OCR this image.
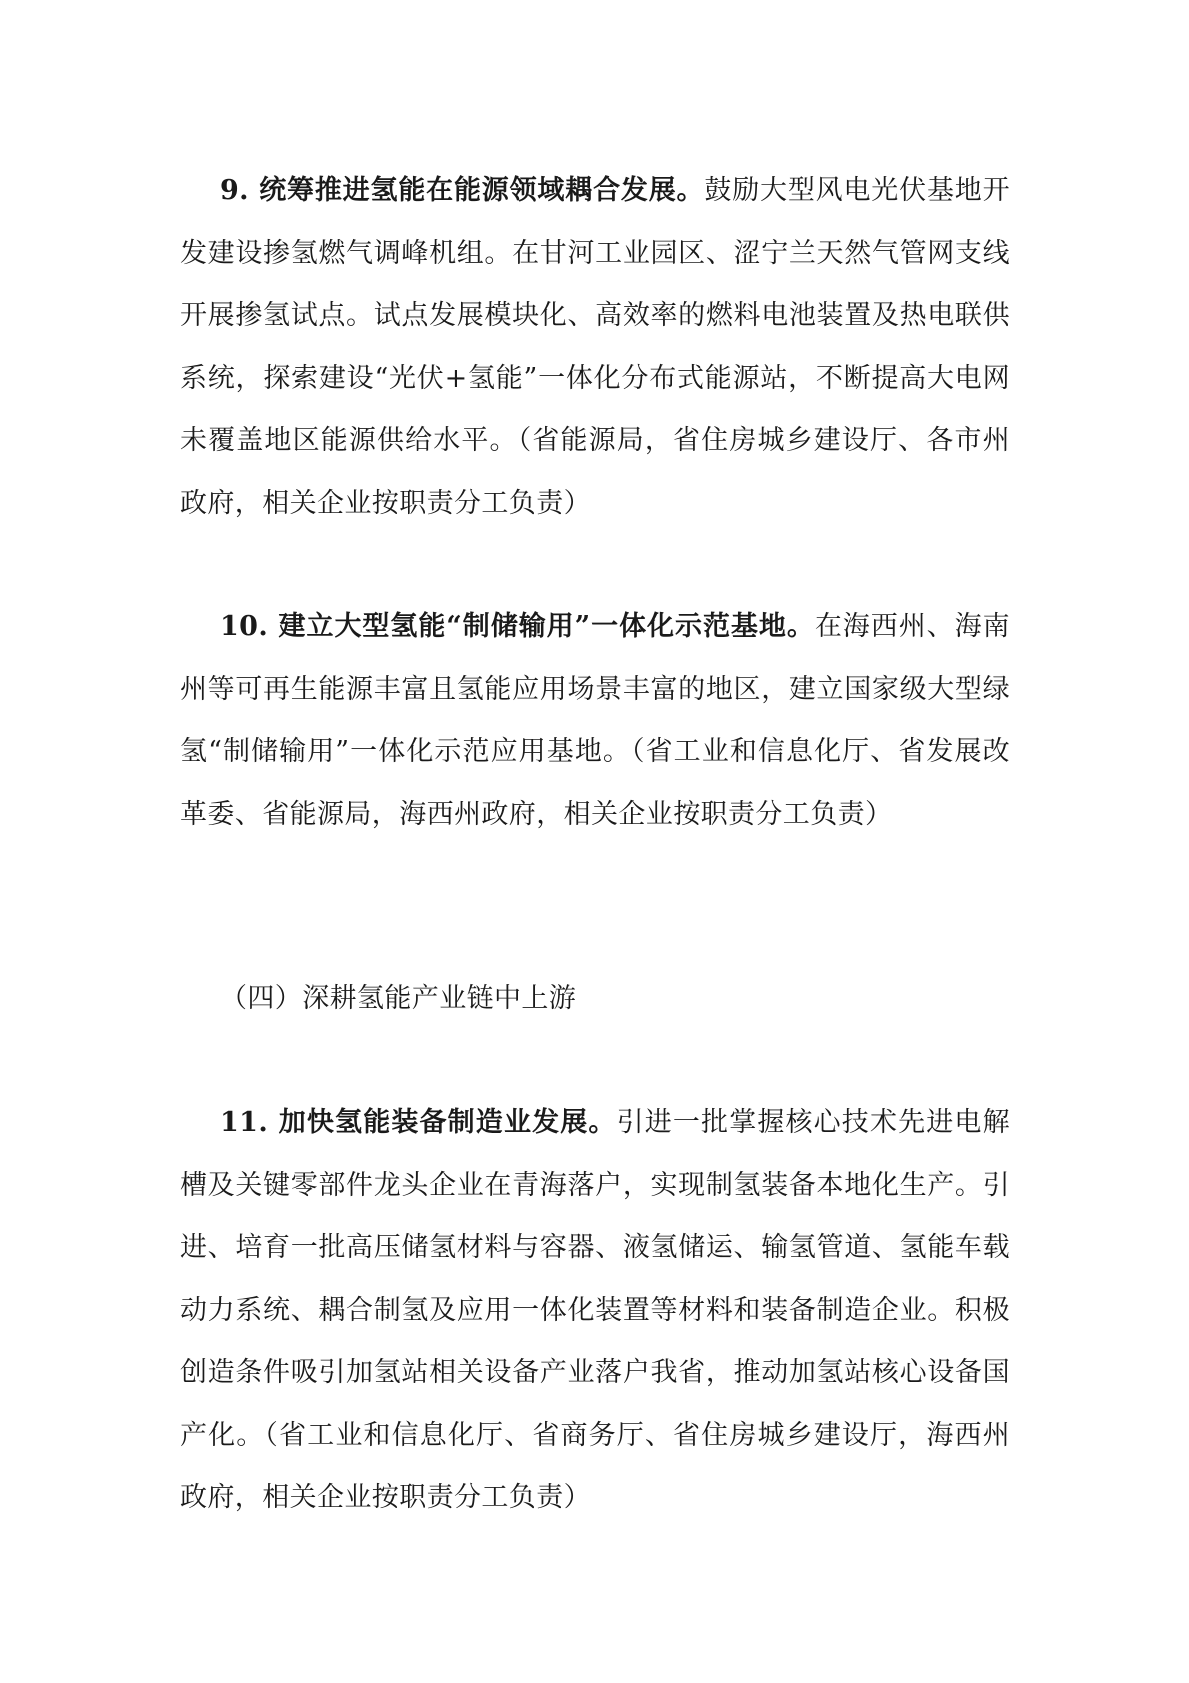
9. 统筹推进氢能在能源领域耦合发展。鼓励大型风电光伏基地开发建设掺氢燃气调峰机组。在甘河工业园区、涩宁兰天然气管网支线开展掺氢试点。试点发展模块化、高效率的燃料电池装置及热电联供系统，探索建设“光伏+氢能”一体化分布式能源站，不断提高大电网未覆盖地区能源供给水平。（省能源局，省住房城乡建设厅、各市州政府，相关企业按职责分工负责）
10. 建立大型氢能“制储输用”一体化示范基地。在海西州、海南州等可再生能源丰富且氢能应用场景丰富的地区，建立国家级大型绿氢“制储输用”一体化示范应用基地。（省工业和信息化厅、省发展改革委、省能源局，海西州政府，相关企业按职责分工负责）
（四）深耕氢能产业链中上游
11. 加快氢能装备制造业发展。引进一批掌握核心技术先进电解槽及关键零部件龙头企业在青海落户，实现制氢装备本地化生产。引进、培育一批高压储氢材料与容器、液氢储运、输氢管道、氢能车载动力系统、耦合制氢及应用一体化装置等材料和装备制造企业。积极创造条件吸引加氢站相关设备产业落户我省，推动加氢站核心设备国产化。（省工业和信息化厅、省商务厅、省住房城乡建设厅，海西州政府，相关企业按职责分工负责）
